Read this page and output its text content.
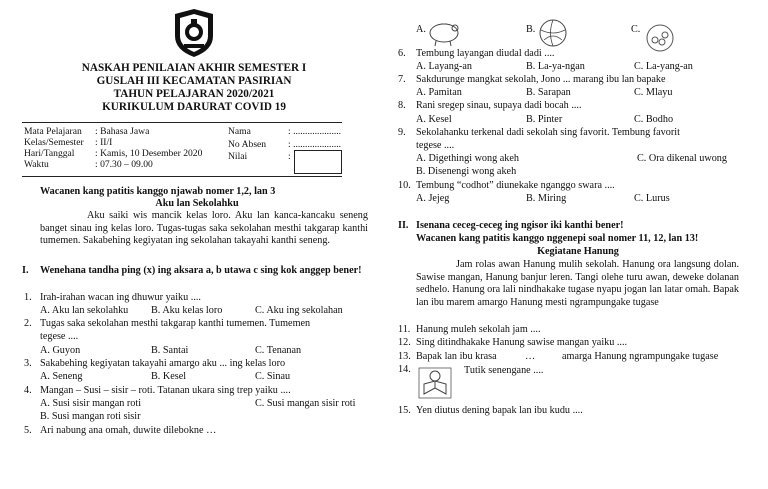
NASKAH PENILAIAN AKHIR SEMESTER I
GUSLAH III KECAMATAN PASIRIAN
TAHUN PELAJARAN 2020/2021
KURIKULUM DARURAT COVID 19
Mata Pelajaran : Bahasa Jawa
Kelas/Semester : II/I
Hari/Tanggal : Kamis, 10 Desember 2020
Waktu	: 07.30 – 09.00
Nama	: ....................
No Absen : ....................
Nilai	:
Wacanen kang patitis kanggo njawab nomer 1,2, lan 3
Aku lan Sekolahku
Aku saiki wis mancik kelas loro. Aku lan kanca-kancaku seneng banget sinau ing kelas loro. Tugas-tugas saka sekolahan mesthi takgarap kanthi tumemen. Sakabehing kegiyatan ing sekolahan takayahi kanthi seneng.
I. Wenehana tandha ping (x) ing aksara a, b utawa c sing kok anggep bener!
1. Irah-irahan wacan ing dhuwur yaiku ....
A. Aku lan sekolahku B. Aku kelas loro	C. Aku ing sekolahan
2. Tugas saka sekolahan mesthi takgarap kanthi tumemen. Tumemen
tegese ....
A. Guyon	B. Santai	C. Tenanan
3. Sakabehing kegiyatan takayahi amargo aku ... ing kelas loro
A. Seneng	B. Kesel	C. Sinau
4. Mangan – Susi – sisir – roti. Tatanan ukara sing trep yaiku ....
A. Susi sisir mangan roti
B. Susi mangan roti sisir
C. Susi mangan sisir roti
5. Ari nabung ana omah, duwite dilebokne …
A.	B.	C.
6. Tembung layangan diudal dadi ....
A. Layang-an	B. La-ya-ngan	C. La-yang-an
7. Sakdurunge mangkat sekolah, Jono ... marang ibu lan bapake
A. Pamitan	B. Sarapan	C. Mlayu
8. Rani sregep sinau, supaya dadi bocah ....
A. Kesel	B. Pinter	C. Bodho
9. Sekolahanku terkenal dadi sekolah sing favorit. Tembung favorit
tegese ....
A. Digethingi wong akeh
B. Disenengi wong akeh
C. Ora dikenal uwong
10. Tembung “codhot” diunekake nganggo swara ....
A. Jejeg	B. Miring	C. Lurus
II. Isenana ceceg-ceceg ing ngisor iki kanthi bener!
Wacanen kang patitis kanggo nggenepi soal nomer 11, 12, lan 13!
Kegiatane Hanung
Jam rolas awan Hanung mulih sekolah. Hanung ora langsung dolan. Sawise mangan, Hanung banjur leren. Tangi olehe turu awan, deweke dolanan sedhelo. Hanung ora lali nindhakake tugase nyapu jogan lan latar omah. Bapak lan ibu marem amargo Hanung mesti ngrampungake tugase
11. Hanung muleh sekolah jam ....
12. Sing ditindhakake Hanung sawise mangan yaiku ....
13. Bapak lan ibu krasa	…	amarga Hanung ngrampungake tugase
14.	Tutik senengane ....
15. Yen diutus dening bapak lan ibu kudu ....
